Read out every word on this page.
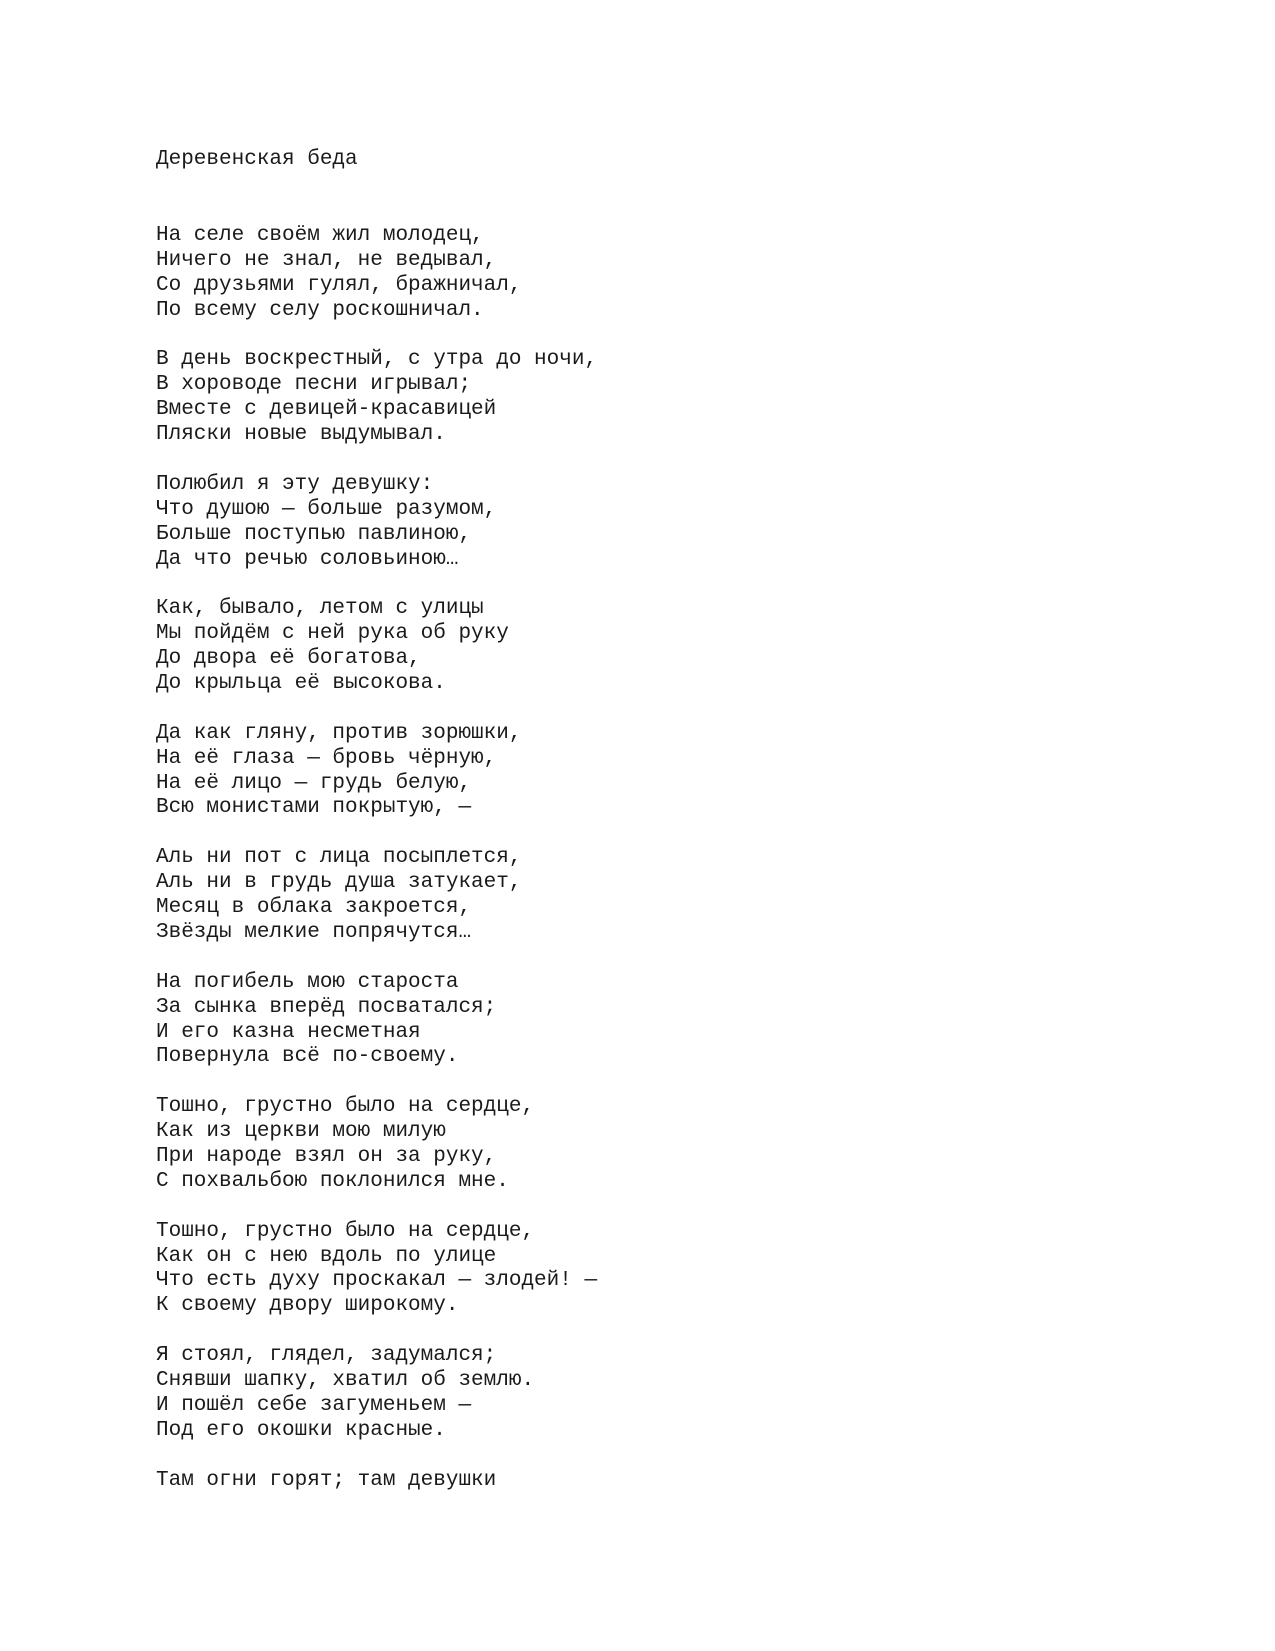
Деревенская беда
На селе своём жил молодец,
Ничего не знал, не ведывал,
Со друзьями гулял, бражничал,
По всему селу роскошничал.
В день воскрестный, с утра до ночи,
В хороводе песни игрывал;
Вместе с девицей-красавицей
Пляски новые выдумывал.
Полюбил я эту девушку:
Что душою — больше разумом,
Больше поступью павлиною,
Да что речью соловьиною…
Как, бывало, летом с улицы
Мы пойдём с ней рука об руку
До двора её богатова,
До крыльца её высокова.
Да как гляну, против зорюшки,
На её глаза — бровь чёрную,
На её лицо — грудь белую,
Всю монистами покрытую, —
Аль ни пот с лица посыплется,
Аль ни в грудь душа затукает,
Месяц в облака закроется,
Звёзды мелкие попрячутся…
На погибель мою староста
За сынка вперёд посватался;
И его казна несметная
Повернула всё по-своему.
Тошно, грустно было на сердце,
Как из церкви мою милую
При народе взял он за руку,
С похвальбою поклонился мне.
Тошно, грустно было на сердце,
Как он с нею вдоль по улице
Что есть духу проскакал — злодей! —
К своему двору широкому.
Я стоял, глядел, задумался;
Снявши шапку, хватил об землю.
И пошёл себе загуменьем —
Под его окошки красные.
Там огни горят; там девушки
